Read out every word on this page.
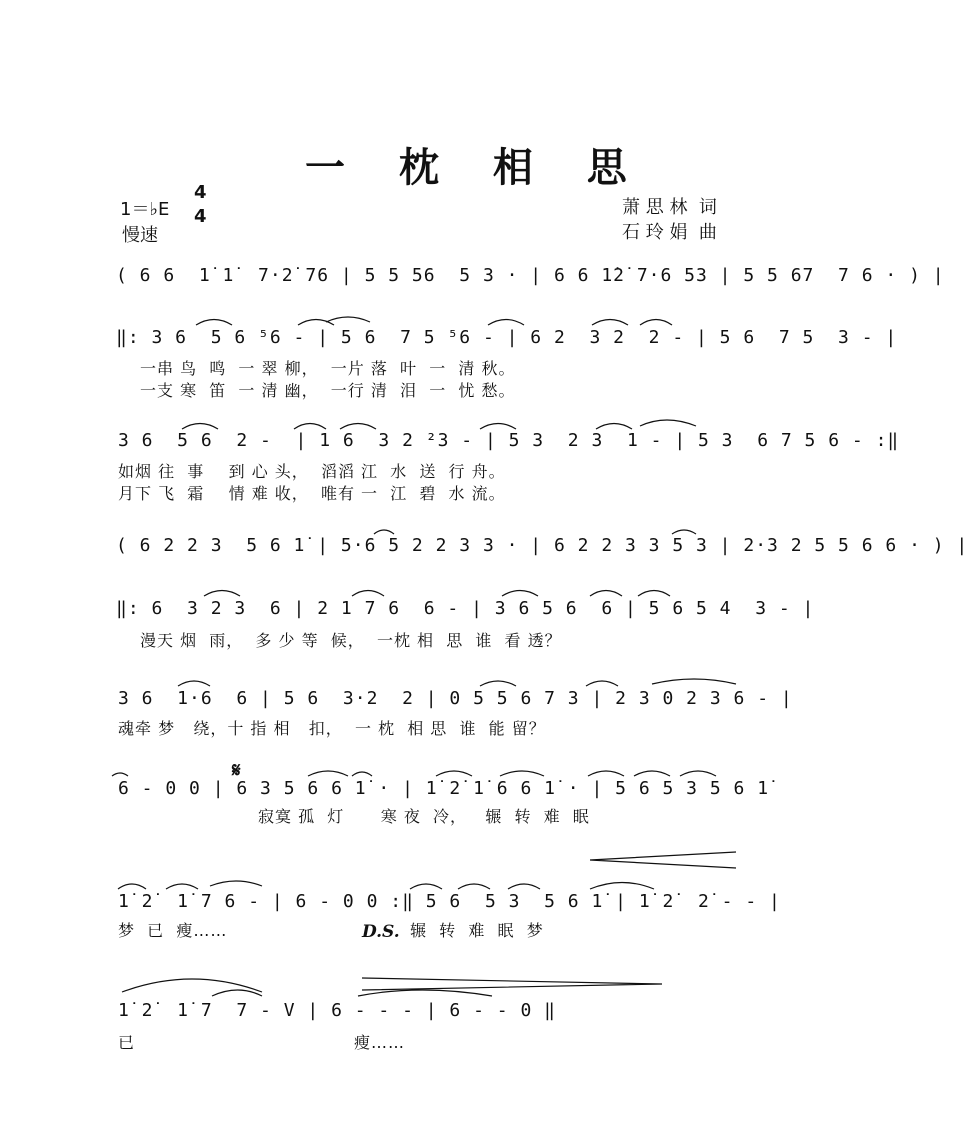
一 枕 相 思
1＝♭E
4
4
慢速
萧 思 林  词
石 玲 娟  曲
( 6 6  1̇ 1̇  7·2̇ 76 | 5 5 56  5 3 · | 6 6 1̇2̇ 7·6 53 | 5 5 67  7 6 · ) |
‖: 3 6  5 6 ⁵6 - | 5 6  7 5 ⁵6 - | 6 2  3 2  2 - | 5 6  7 5  3 - |
一串 鸟  鸣  一 翠 柳，  一片 落  叶  一  清 秋。
一支 寒  笛  一 清 幽，  一行 清  泪  一  忧 愁。
3 6  5 6  2 -  | 1 6  3 2 ²3 - | 5 3  2 3  1 - | 5 3  6 7 5 6 - :‖
如烟 往  事    到 心 头，  滔滔 江  水  送  行 舟。
月下 飞  霜    情 难 收，  唯有 一  江  碧  水 流。
( 6 2 2 3  5 6 1̇ | 5·6 5 2 2 3 3 · | 6 2 2 3 3 5 3 | 2·3 2 5 5 6 6 · ) |
‖: 6  3 2 3  6 | 2 1 7 6  6 - | 3 6 5 6  6 | 5 6 5 4  3 - |
漫天 烟  雨，  多 少 等  候，  一枕 相  思  谁  看 透？
3 6  1·6  6 | 5 6  3·2  2 | 0 5 5 6 7 3 | 2 3 0 2 3 6 - |
魂牵 梦   绕，十 指 相   扣，  一 枕  相 思  谁  能 留？
𝄋
6 - 0 0 | 6 3 5 6 6 1̇ · | 1̇ 2̇ 1̇ 6 6 1̇ · | 5 6 5 3 5 6 1̇
寂寞 孤  灯      寒 夜  冷，   辗  转  难  眠
1̇ 2̇  1̇ 7 6 - | 6 - 0 0 :‖ 5 6  5 3  5 6 1̇ | 1̇ 2̇  2̇ - - |
梦  已  瘦……	D.S. 辗  转  难  眠  梦
1̇ 2̇  1̇ 7  7 - V | 6 - - - | 6 - - 0 ‖
已	瘦……
